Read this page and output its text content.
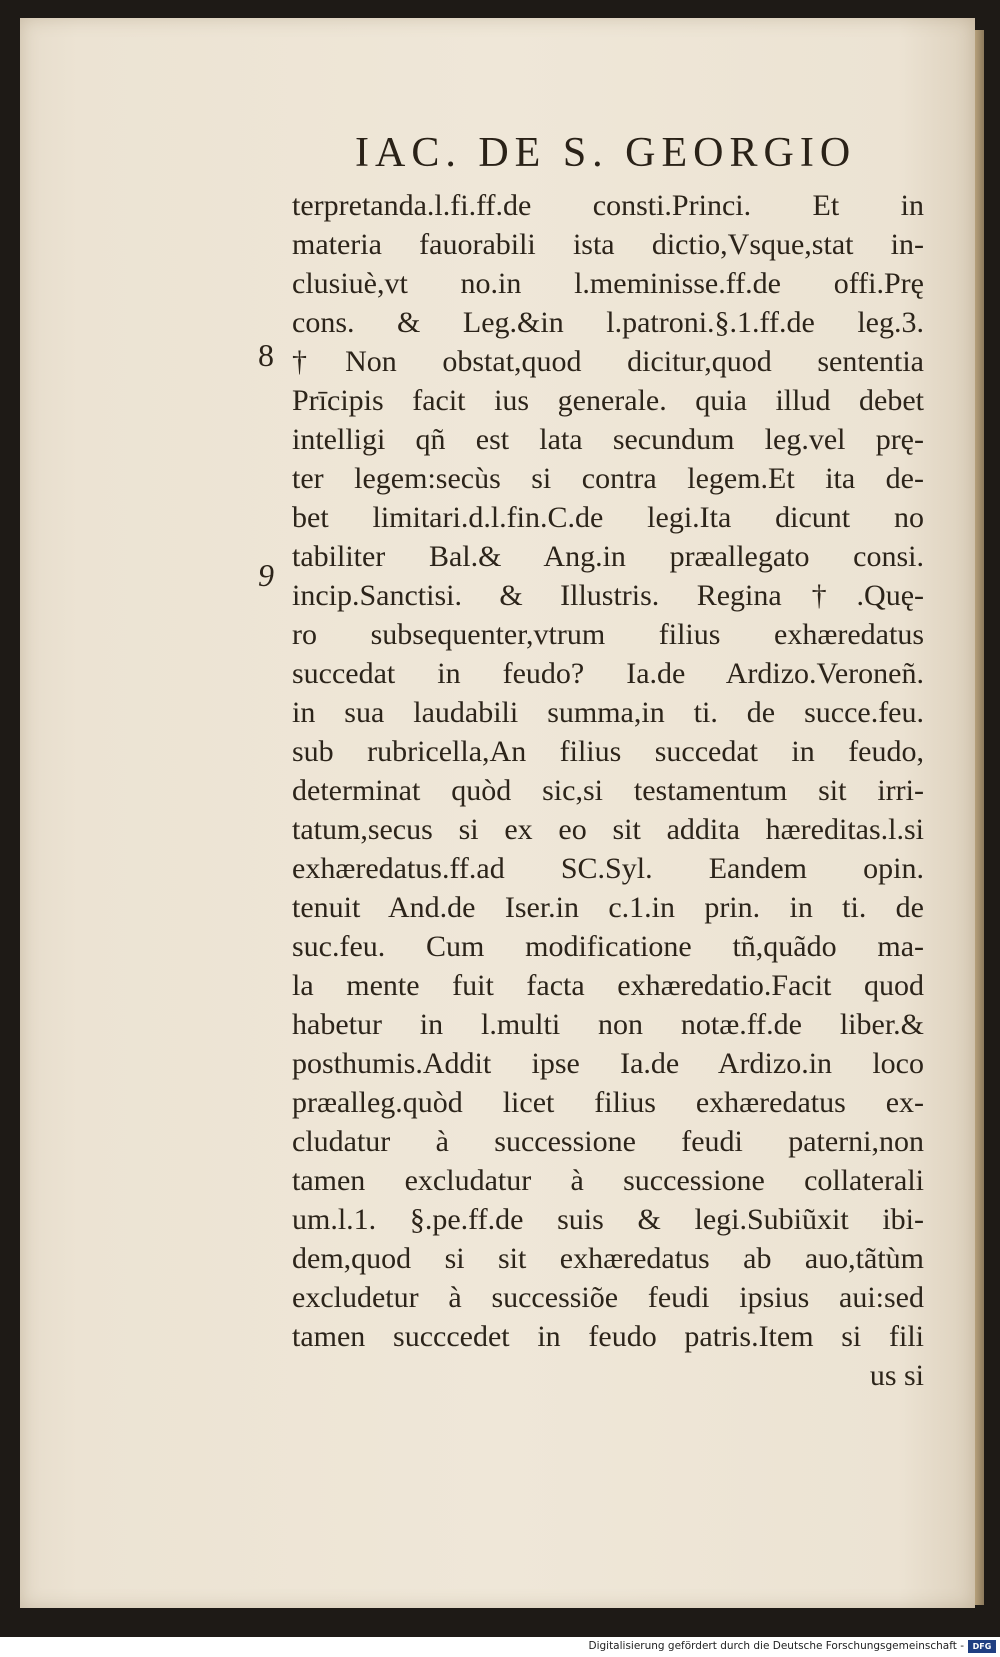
IAC. DE S. GEORGIO
8
9
terpretanda.l.fi.ff.de consti.Princi. Et in
materia fauorabili ista dictio,Vsque,stat in-
clusiuè,vt no.in l.meminisse.ff.de offi.Prę
cons. & Leg.&in l.patroni.§.1.ff.de leg.3.
†Non obstat,quod dicitur,quod sententia
Prīcipis facit ius generale. quia illud debet
intelligi qñ est lata secundum leg.vel prę-
ter legem:secùs si contra legem.Et ita de-
bet limitari.d.l.fin.C.de legi.Ita dicunt no
tabiliter Bal.& Ang.in præallegato consi.
incip.Sanctisi. & Illustris. Regina†.Quę-
ro subsequenter,vtrum filius exhæredatus
succedat in feudo? Ia.de Ardizo.Veroneñ.
in sua laudabili summa,in ti. de succe.feu.
sub rubricella,An filius succedat in feudo,
determinat quòd sic,si testamentum sit irri-
tatum,secus si ex eo sit addita hæreditas.l.si
exhæredatus.ff.ad SC.Syl. Eandem opin.
tenuit And.de Iser.in c.1.in prin. in ti. de
suc.feu. Cum modificatione tñ,quãdo ma-
la mente fuit facta exhæredatio.Facit quod
habetur in l.multi non notæ.ff.de liber.&
posthumis.Addit ipse Ia.de Ardizo.in loco
præalleg.quòd licet filius exhæredatus ex-
cludatur à successione feudi paterni,non
tamen excludatur à successione collaterali
um.l.1. §.pe.ff.de suis & legi.Subiũxit ibi-
dem,quod si sit exhæredatus ab auo,tãtùm
excludetur à successiõe feudi ipsius aui:sed
tamen succcedet in feudo patris.Item si fili
us si
Digitalisierung gefördert durch die Deutsche Forschungsgemeinschaft -	DFG
